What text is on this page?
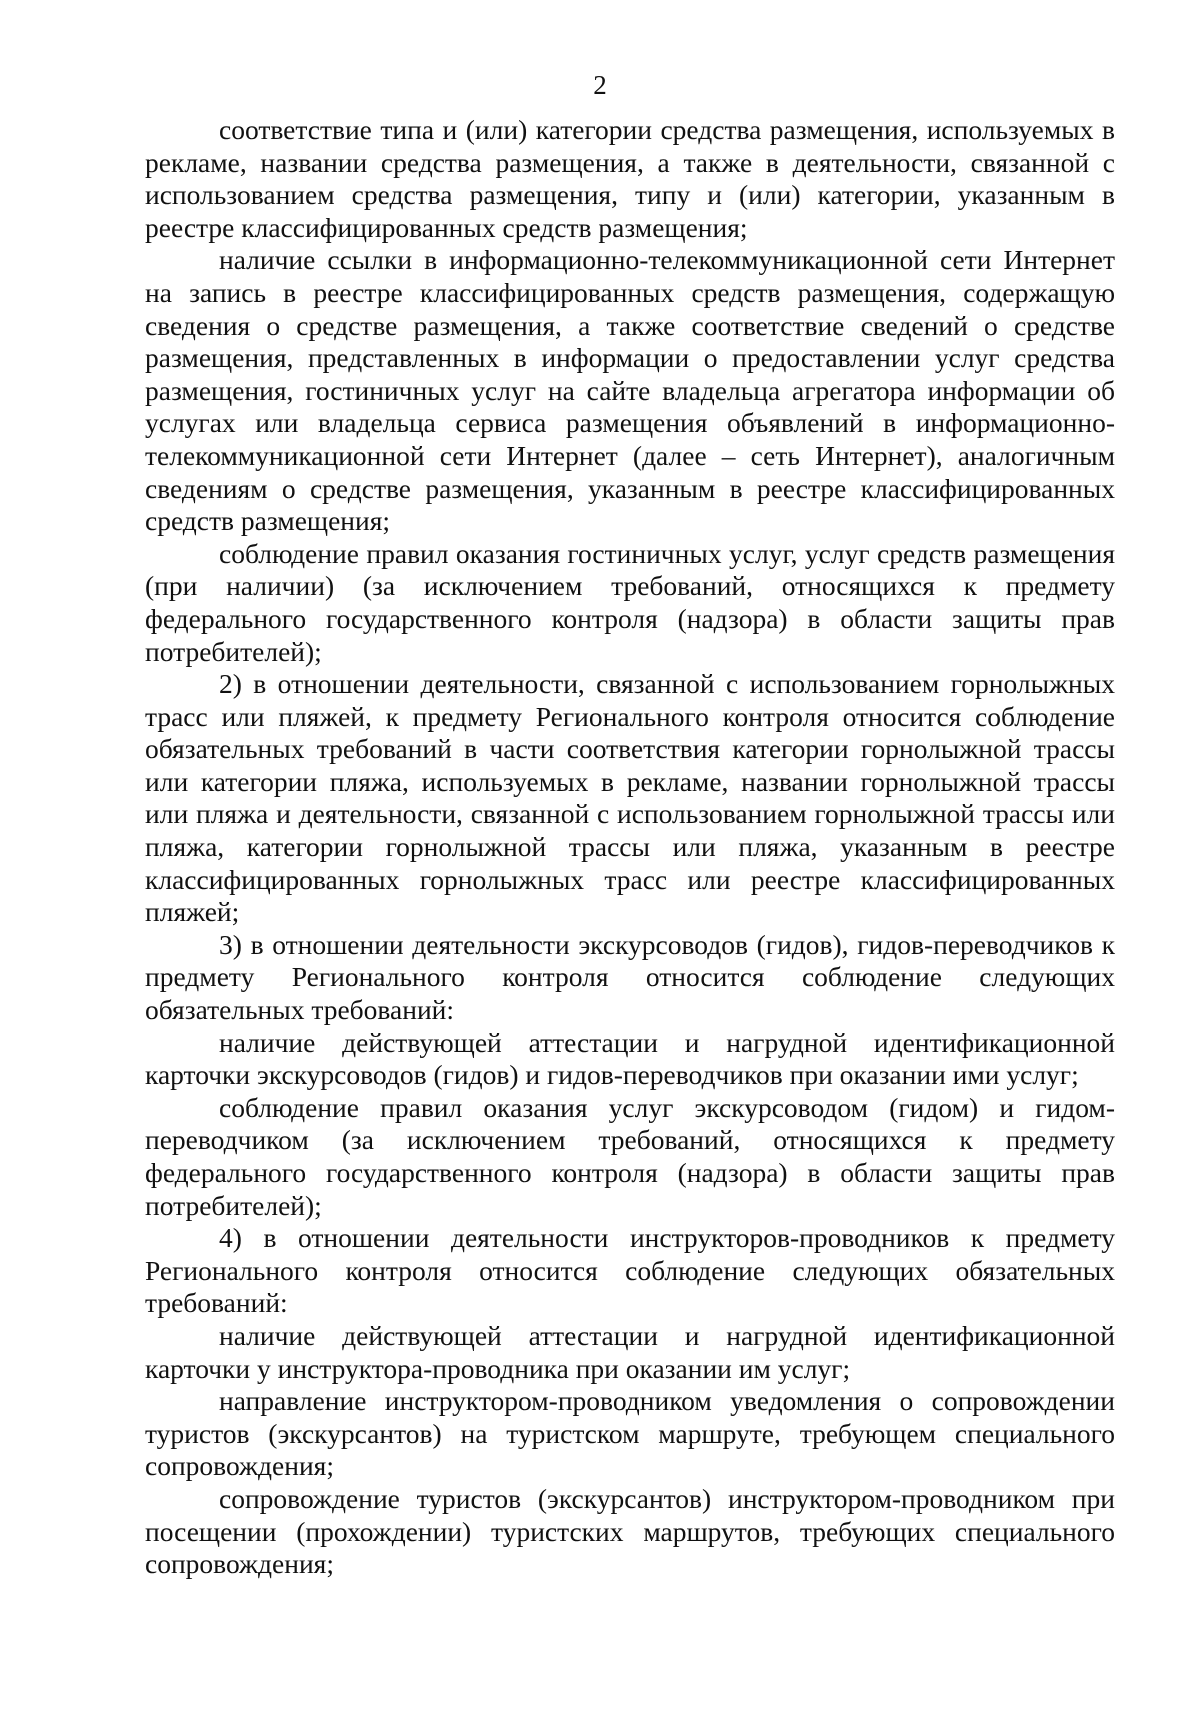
2

соответствие типа и (или) категории средства размещения, используемых в рекламе, названии средства размещения, а также в деятельности, связанной с использованием средства размещения, типу и (или) категории, указанным в реестре классифицированных средств размещения;

наличие ссылки в информационно-телекоммуникационной сети Интернет на запись в реестре классифицированных средств размещения, содержащую сведения о средстве размещения, а также соответствие сведений о средстве размещения, представленных в информации о предоставлении услуг средства размещения, гостиничных услуг на сайте владельца агрегатора информации об услугах или владельца сервиса размещения объявлений в информационно-телекоммуникационной сети Интернет (далее – сеть Интернет), аналогичным сведениям о средстве размещения, указанным в реестре классифицированных средств размещения;

соблюдение правил оказания гостиничных услуг, услуг средств размещения (при наличии) (за исключением требований, относящихся к предмету федерального государственного контроля (надзора) в области защиты прав потребителей);

2) в отношении деятельности, связанной с использованием горнолыжных трасс или пляжей, к предмету Регионального контроля относится соблюдение обязательных требований в части соответствия категории горнолыжной трассы или категории пляжа, используемых в рекламе, названии горнолыжной трассы или пляжа и деятельности, связанной с использованием горнолыжной трассы или пляжа, категории горнолыжной трассы или пляжа, указанным в реестре классифицированных горнолыжных трасс или реестре классифицированных пляжей;

3) в отношении деятельности экскурсоводов (гидов), гидов-переводчиков к предмету Регионального контроля относится соблюдение следующих обязательных требований:

наличие действующей аттестации и нагрудной идентификационной карточки экскурсоводов (гидов) и гидов-переводчиков при оказании ими услуг;

соблюдение правил оказания услуг экскурсоводом (гидом) и гидом-переводчиком (за исключением требований, относящихся к предмету федерального государственного контроля (надзора) в области защиты прав потребителей);

4) в отношении деятельности инструкторов-проводников к предмету Регионального контроля относится соблюдение следующих обязательных требований:

наличие действующей аттестации и нагрудной идентификационной карточки у инструктора-проводника при оказании им услуг;

направление инструктором-проводником уведомления о сопровождении туристов (экскурсантов) на туристском маршруте, требующем специального сопровождения;

сопровождение туристов (экскурсантов) инструктором-проводником при посещении (прохождении) туристских маршрутов, требующих специального сопровождения;
